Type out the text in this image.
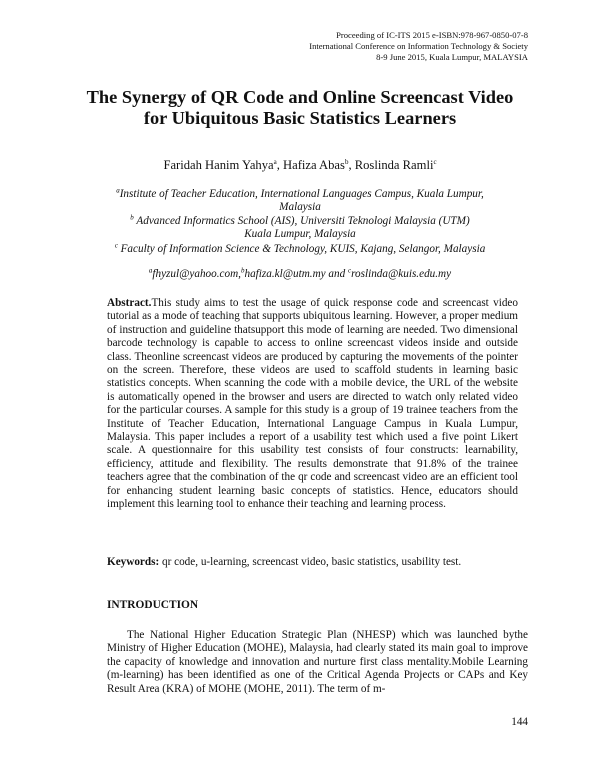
Proceeding of IC-ITS 2015 e-ISBN:978-967-0850-07-8
International Conference on Information Technology & Society
8-9 June 2015, Kuala Lumpur, MALAYSIA
The Synergy of QR Code and Online Screencast Video
for Ubiquitous Basic Statistics Learners
Faridah Hanim Yahya$^a$, Hafiza Abas$^b$, Roslinda Ramli$^c$
$^a$Institute of Teacher Education, International Languages Campus, Kuala Lumpur,
Malaysia
$^b$ Advanced Informatics School (AIS), Universiti Teknologi Malaysia (UTM)
Kuala Lumpur, Malaysia
$^c$ Faculty of Information Science & Technology, KUIS, Kajang, Selangor, Malaysia
$^a$fhyzul@yahoo.com,$^b$hafiza.kl@utm.my and $^c$roslinda@kuis.edu.my
Abstract.This study aims to test the usage of quick response code and screencast video tutorial as a mode of teaching that supports ubiquitous learning. However, a proper medium of instruction and guideline thatsupport this mode of learning are needed. Two dimensional barcode technology is capable to access to online screencast videos inside and outside class. Theonline screencast videos are produced by capturing the movements of the pointer on the screen. Therefore, these videos are used to scaffold students in learning basic statistics concepts. When scanning the code with a mobile device, the URL of the website is automatically opened in the browser and users are directed to watch only related video for the particular courses. A sample for this study is a group of 19 trainee teachers from the Institute of Teacher Education, International Language Campus in Kuala Lumpur, Malaysia. This paper includes a report of a usability test which used a five point Likert scale. A questionnaire for this usability test consists of four constructs: learnability, efficiency, attitude and flexibility. The results demonstrate that 91.8% of the trainee teachers agree that the combination of the qr code and screencast video are an efficient tool for enhancing student learning basic concepts of statistics. Hence, educators should implement this learning tool to enhance their teaching and learning process.
Keywords: qr code, u-learning, screencast video, basic statistics, usability test.
INTRODUCTION
The National Higher Education Strategic Plan (NHESP) which was launched bythe Ministry of Higher Education (MOHE), Malaysia, had clearly stated its main goal to improve the capacity of knowledge and innovation and nurture first class mentality.Mobile Learning (m-learning) has been identified as one of the Critical Agenda Projects or CAPs and Key Result Area (KRA) of MOHE (MOHE, 2011). The term of m-
144
